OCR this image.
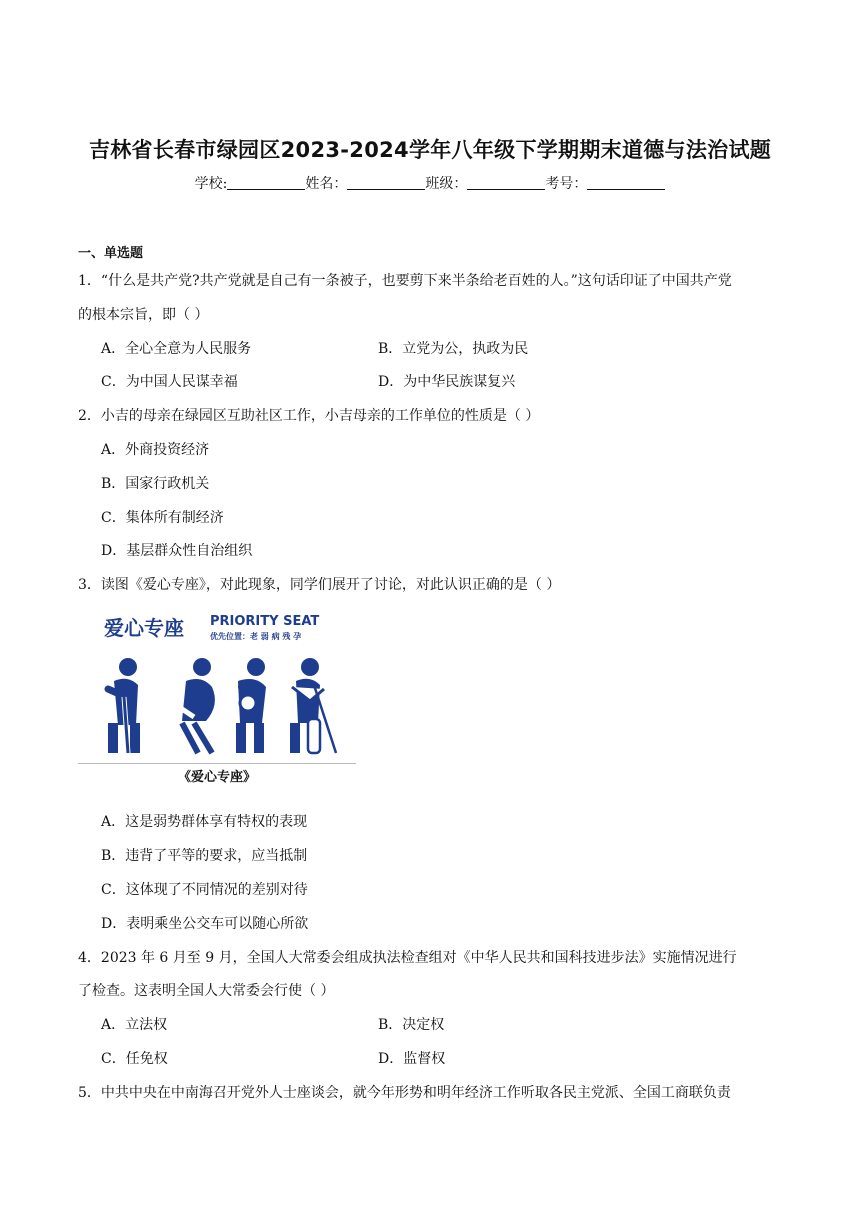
吉林省长春市绿园区2023-2024学年八年级下学期期末道德与法治试题
学校:	姓名：	班级：	考号：
一、单选题
1．“什么是共产党?共产党就是自己有一条被子，也要剪下来半条给老百姓的人。”这句话印证了中国共产党
的根本宗旨，即（ ）
A．全心全意为人民服务	B．立党为公，执政为民
C．为中国人民谋幸福	D．为中华民族谋复兴
2．小吉的母亲在绿园区互助社区工作，小吉母亲的工作单位的性质是（ ）
A．外商投资经济
B．国家行政机关
C．集体所有制经济
D．基层群众性自治组织
3．读图《爱心专座》，对此现象，同学们展开了讨论，对此认识正确的是（ ）
爱心专座 PRIORITY SEAT
优先位置：老 弱 病 残 孕
《爱心专座》
A．这是弱势群体享有特权的表现
B．违背了平等的要求，应当抵制
C．这体现了不同情况的差别对待
D．表明乘坐公交车可以随心所欲
4．2023 年 6 月至 9 月，全国人大常委会组成执法检查组对《中华人民共和国科技进步法》实施情况进行
了检查。这表明全国人大常委会行使（ ）
A．立法权	B．决定权
C．任免权	D．监督权
5．中共中央在中南海召开党外人士座谈会，就今年形势和明年经济工作听取各民主党派、全国工商联负责
